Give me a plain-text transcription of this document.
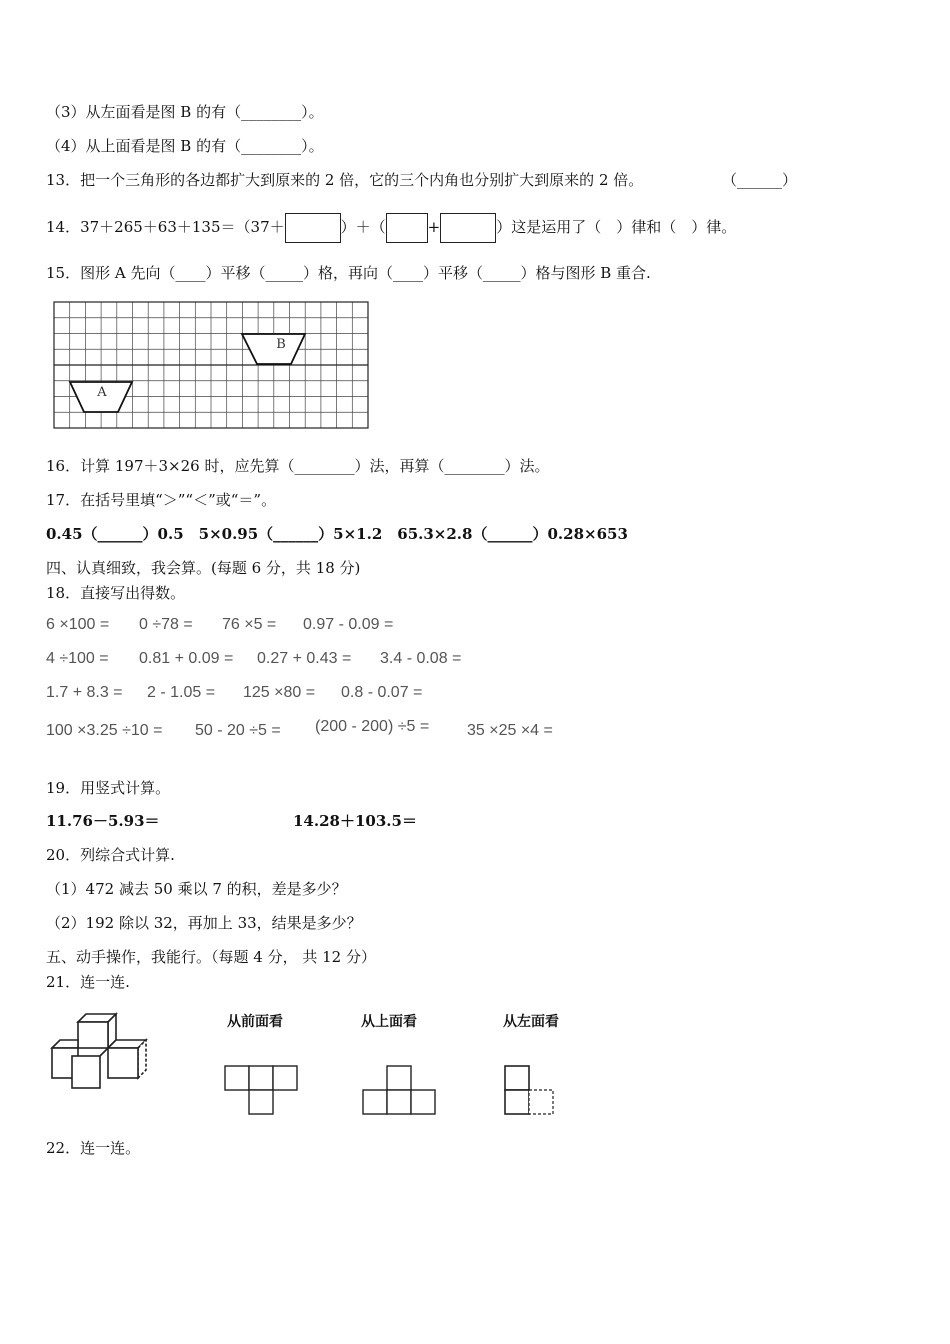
（3）从左面看是图 B 的有（________）。
（4）从上面看是图 B 的有（________）。
13．把一个三角形的各边都扩大到原来的 2 倍，它的三个内角也分别扩大到原来的 2 倍。	（______）
14．37＋265＋63＋135＝（37＋	）＋（	+	）这是运用了（　）律和（　）律。
15．图形 A 先向（____）平移（_____）格，再向（____）平移（_____）格与图形 B 重合.
A
B
16．计算 197＋3×26 时，应先算（________）法，再算（________）法。
17．在括号里填“＞”“＜”或“＝”。
0.45（______）0.5　5×0.95（______）5×1.2　65.3×2.8（______）0.28×653
四、认真细致，我会算。(每题 6 分，共 18 分)
18．直接写出得数。
6 ×100 = 0 ÷78 = 76 ×5 = 0.97 - 0.09 =
4 ÷100 = 0.81 + 0.09 = 0.27 + 0.43 = 3.4 - 0.08 =
1.7 + 8.3 = 2 - 1.05 = 125 ×80 = 0.8 - 0.07 =
100 ×3.25 ÷10 = 50 - 20 ÷5 = (200 - 200) ÷5 = 35 ×25 ×4 =
19．用竖式计算。
11.76－5.93＝	14.28＋103.5＝
20．列综合式计算.
（1）472 减去 50 乘以 7 的积，差是多少？
（2）192 除以 32，再加上 33，结果是多少？
五、动手操作，我能行。（每题 4 分， 共 12 分）
21．连一连.
从前面看	从上面看	从左面看
22．连一连。
